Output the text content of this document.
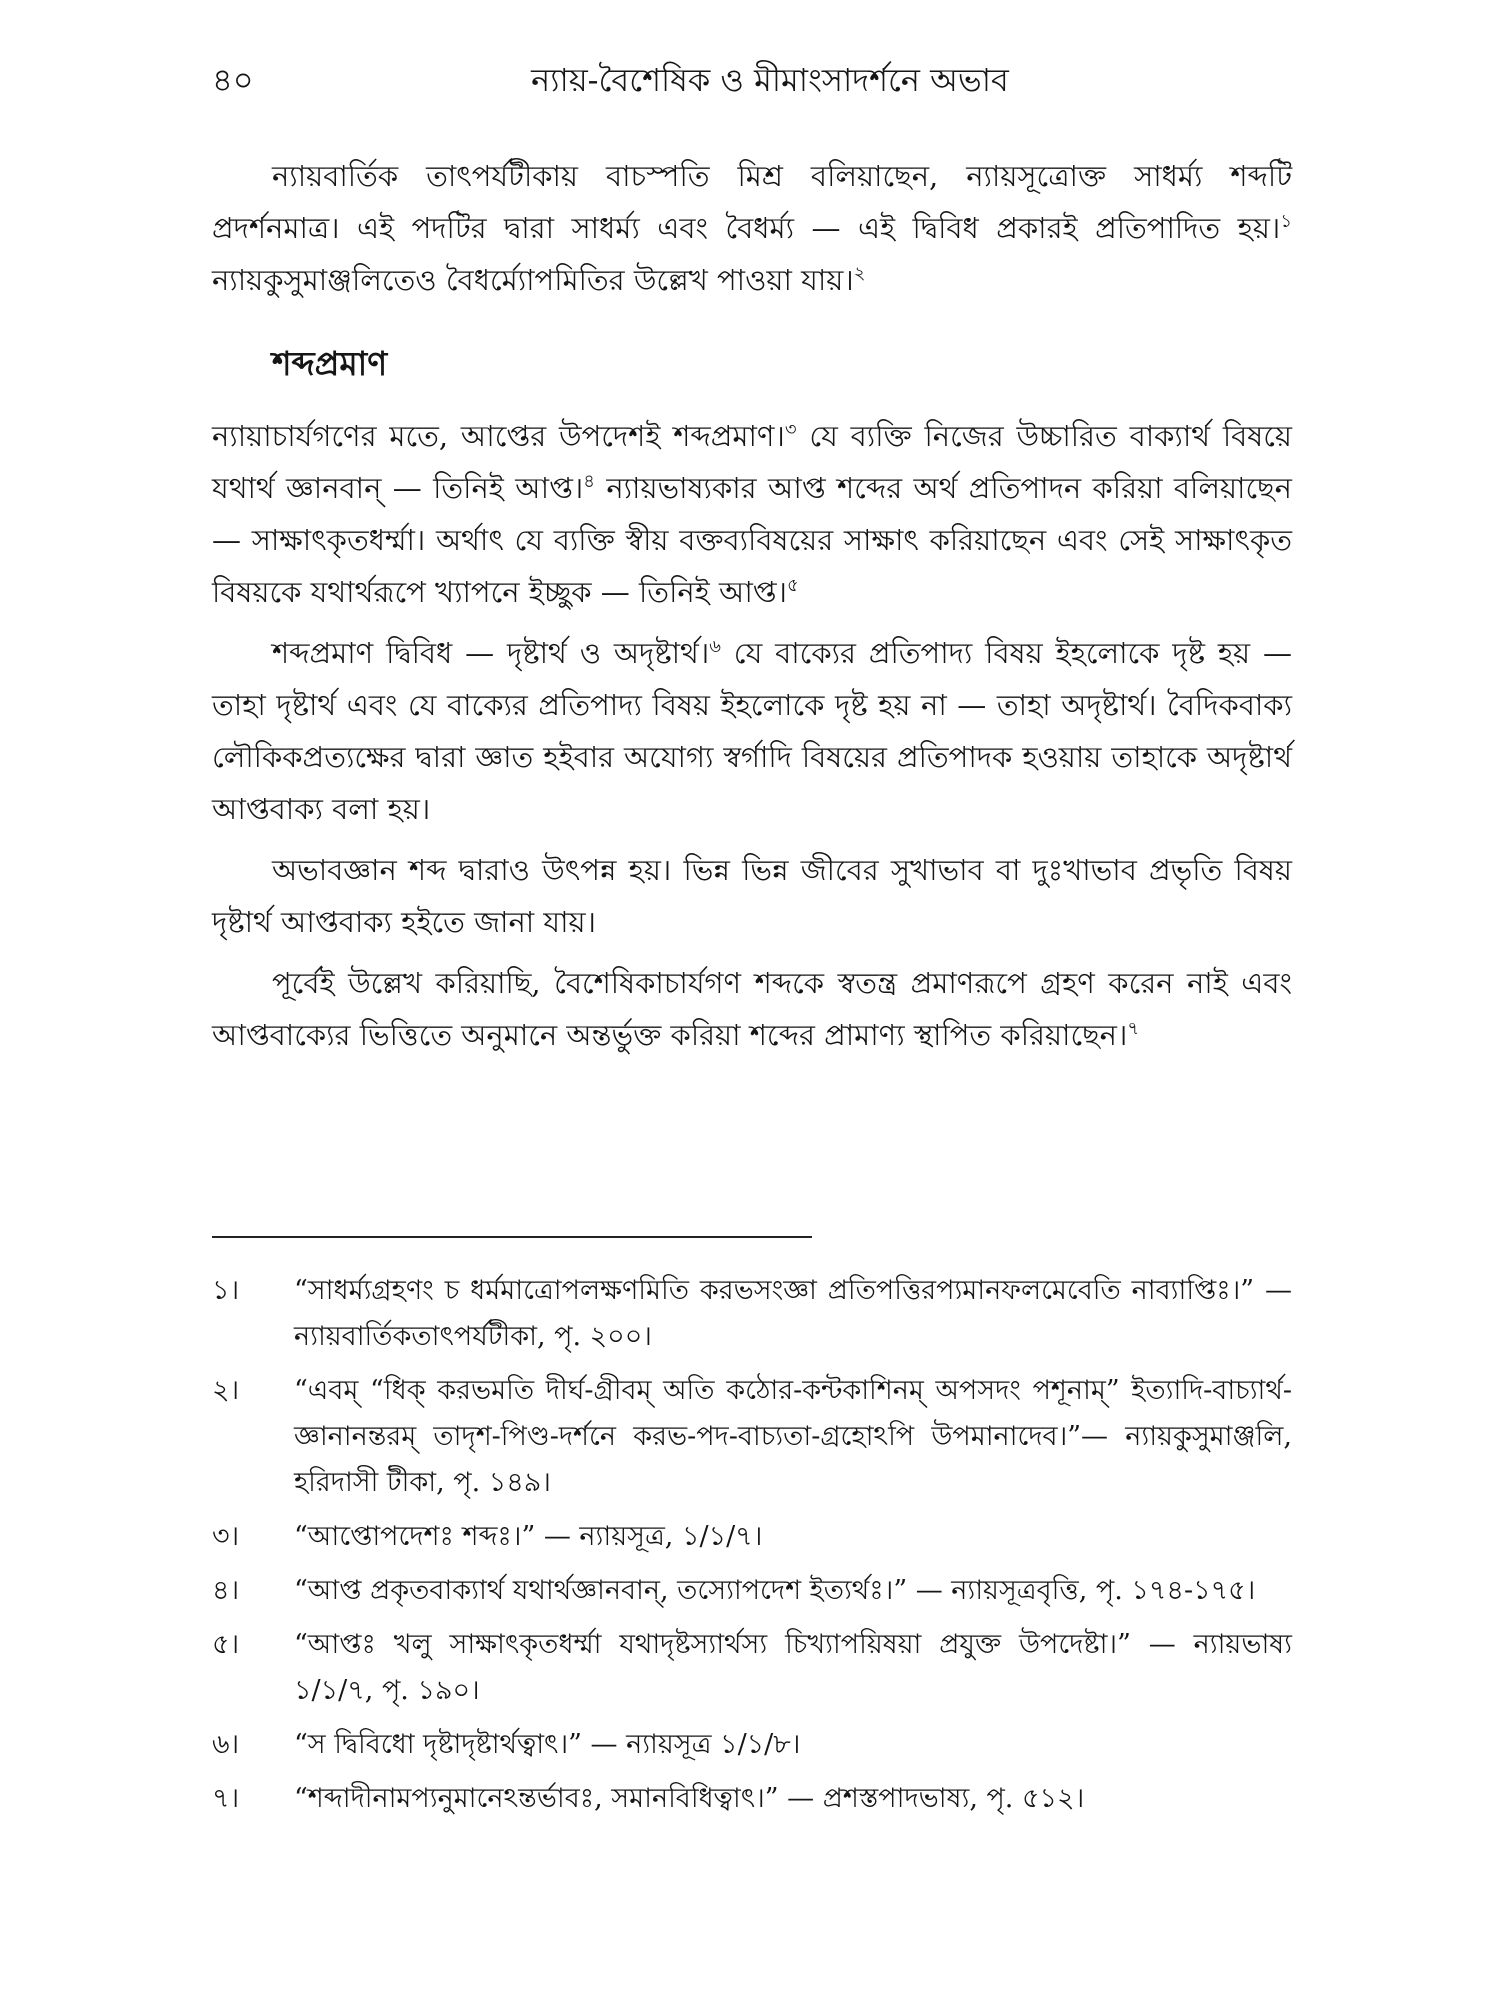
৪০	ন্যায়-বৈশেষিক ও মীমাংসাদর্শনে অভাব

ন্যায়বার্তিক তাৎপর্যটীকায় বাচস্পতি মিশ্র বলিয়াছেন, ন্যায়সূত্রোক্ত সাধর্ম্য শব্দটি প্রদর্শনমাত্র। এই পদটির দ্বারা সাধর্ম্য এবং বৈধর্ম্য — এই দ্বিবিধ প্রকারই প্রতিপাদিত হয়।$^১$ ন্যায়কুসুমাঞ্জলিতেও বৈধর্ম্যোপমিতির উল্লেখ পাওয়া যায়।$^২$

শব্দপ্রমাণ

ন্যায়াচার্যগণের মতে, আপ্তের উপদেশই শব্দপ্রমাণ।$^৩$ যে ব্যক্তি নিজের উচ্চারিত বাক্যার্থ বিষয়ে যথার্থ জ্ঞানবান্ — তিনিই আপ্ত।$^৪$ ন্যায়ভাষ্যকার আপ্ত শব্দের অর্থ প্রতিপাদন করিয়া বলিয়াছেন — সাক্ষাৎকৃতধর্ম্মা। অর্থাৎ যে ব্যক্তি স্বীয় বক্তব্যবিষয়ের সাক্ষাৎ করিয়াছেন এবং সেই সাক্ষাৎকৃত বিষয়কে যথার্থরূপে খ্যাপনে ইচ্ছুক — তিনিই আপ্ত।$^৫$

শব্দপ্রমাণ দ্বিবিধ — দৃষ্টার্থ ও অদৃষ্টার্থ।$^৬$ যে বাক্যের প্রতিপাদ্য বিষয় ইহলোকে দৃষ্ট হয় — তাহা দৃষ্টার্থ এবং যে বাক্যের প্রতিপাদ্য বিষয় ইহলোকে দৃষ্ট হয় না — তাহা অদৃষ্টার্থ। বৈদিকবাক্য লৌকিকপ্রত্যক্ষের দ্বারা জ্ঞাত হইবার অযোগ্য স্বর্গাদি বিষয়ের প্রতিপাদক হওয়ায় তাহাকে অদৃষ্টার্থ আপ্তবাক্য বলা হয়।

অভাবজ্ঞান শব্দ দ্বারাও উৎপন্ন হয়। ভিন্ন ভিন্ন জীবের সুখাভাব বা দুঃখাভাব প্রভৃতি বিষয় দৃষ্টার্থ আপ্তবাক্য হইতে জানা যায়।

পূর্বেই উল্লেখ করিয়াছি, বৈশেষিকাচার্যগণ শব্দকে স্বতন্ত্র প্রমাণরূপে গ্রহণ করেন নাই এবং আপ্তবাক্যের ভিত্তিতে অনুমানে অন্তর্ভুক্ত করিয়া শব্দের প্রামাণ্য স্থাপিত করিয়াছেন।$^৭$

১।	“সাধর্ম্যগ্রহণং চ ধর্মমাত্রোপলক্ষণমিতি করভসংজ্ঞা প্রতিপত্তিরপ্যমানফলমেবেতি নাব্যাপ্তিঃ।” — ন্যায়বার্তিকতাৎপর্যটীকা, পৃ. ২০০।
২।	“এবম্ “ধিক্ করভমতি দীর্ঘ-গ্রীবম্ অতি কঠোর-কন্টকাশিনম্ অপসদং পশূনাম্” ইত্যাদি-বাচ্যার্থ-জ্ঞানানন্তরম্ তাদৃশ-পিণ্ড-দর্শনে করভ-পদ-বাচ্যতা-গ্রহোঽপি উপমানাদেব।”— ন্যায়কুসুমাঞ্জলি, হরিদাসী টীকা, পৃ. ১৪৯।
৩।	“আপ্তোপদেশঃ শব্দঃ।” — ন্যায়সূত্র, ১/১/৭।
৪।	“আপ্ত প্রকৃতবাক্যার্থ যথার্থজ্ঞানবান্, তস্যোপদেশ ইত্যর্থঃ।” — ন্যায়সূত্রবৃত্তি, পৃ. ১৭৪-১৭৫।
৫।	“আপ্তঃ খলু সাক্ষাৎকৃতধর্ম্মা যথাদৃষ্টস্যার্থস্য চিখ্যাপয়িষয়া প্রযুক্ত উপদেষ্টা।” — ন্যায়ভাষ্য ১/১/৭, পৃ. ১৯০।
৬।	“স দ্বিবিধো দৃষ্টাদৃষ্টার্থত্বাৎ।” — ন্যায়সূত্র ১/১/৮।
৭।	“শব্দাদীনামপ্যনুমানেঽন্তর্ভাবঃ, সমানবিধিত্বাৎ।” — প্রশস্তপাদভাষ্য, পৃ. ৫১২।
